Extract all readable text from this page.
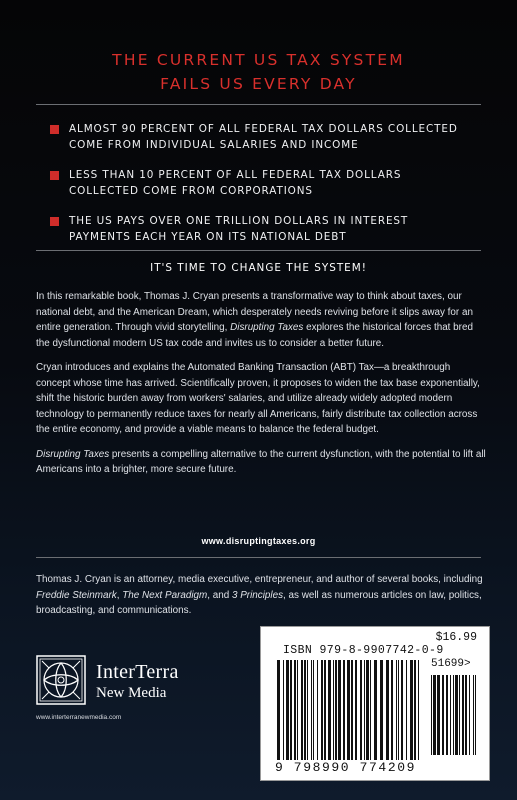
THE CURRENT US TAX SYSTEM
FAILS US EVERY DAY
ALMOST 90 PERCENT OF ALL FEDERAL TAX DOLLARS COLLECTED
COME FROM INDIVIDUAL SALARIES AND INCOME
LESS THAN 10 PERCENT OF ALL FEDERAL TAX DOLLARS
COLLECTED COME FROM CORPORATIONS
THE US PAYS OVER ONE TRILLION DOLLARS IN INTEREST
PAYMENTS EACH YEAR ON ITS NATIONAL DEBT
IT'S TIME TO CHANGE THE SYSTEM!

In this remarkable book, Thomas J. Cryan presents a transformative way to think about taxes, our national debt, and the American Dream, which desperately needs reviving before it slips away for an entire generation. Through vivid storytelling, Disrupting Taxes explores the historical forces that bred the dysfunctional modern US tax code and invites us to consider a better future.

Cryan introduces and explains the Automated Banking Transaction (ABT) Tax—a breakthrough concept whose time has arrived. Scientifically proven, it proposes to widen the tax base exponentially, shift the historic burden away from workers' salaries, and utilize already widely adopted modern technology to permanently reduce taxes for nearly all Americans, fairly distribute tax collection across the entire economy, and provide a viable means to balance the federal budget.

Disrupting Taxes presents a compelling alternative to the current dysfunction, with the potential to lift all Americans into a brighter, more secure future.

www.disruptingtaxes.org
Thomas J. Cryan is an attorney, media executive, entrepreneur, and author of several books, including Freddie Steinmark, The Next Paradigm, and 3 Principles, as well as numerous articles on law, politics, broadcasting, and communications.
InterTerra
New Media
www.interterranewmedia.com
$16.99
ISBN 979-8-9907742-0-9
51699>
9 798990 774209
